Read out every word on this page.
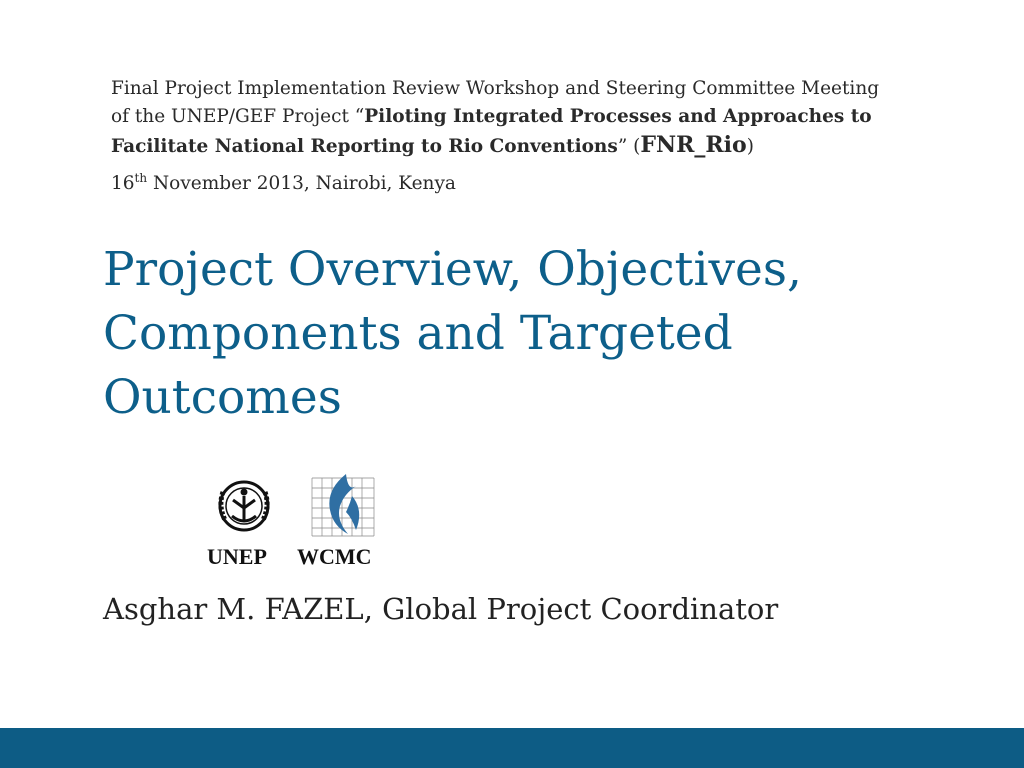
Final Project Implementation Review Workshop and Steering Committee Meeting
of the UNEP/GEF Project “Piloting Integrated Processes and Approaches to Facilitate National Reporting to Rio Conventions” (FNR_Rio)
16th November 2013, Nairobi, Kenya
Project Overview, Objectives, Components and Targeted Outcomes
UNEP WCMC
Asghar M. FAZEL, Global Project Coordinator
